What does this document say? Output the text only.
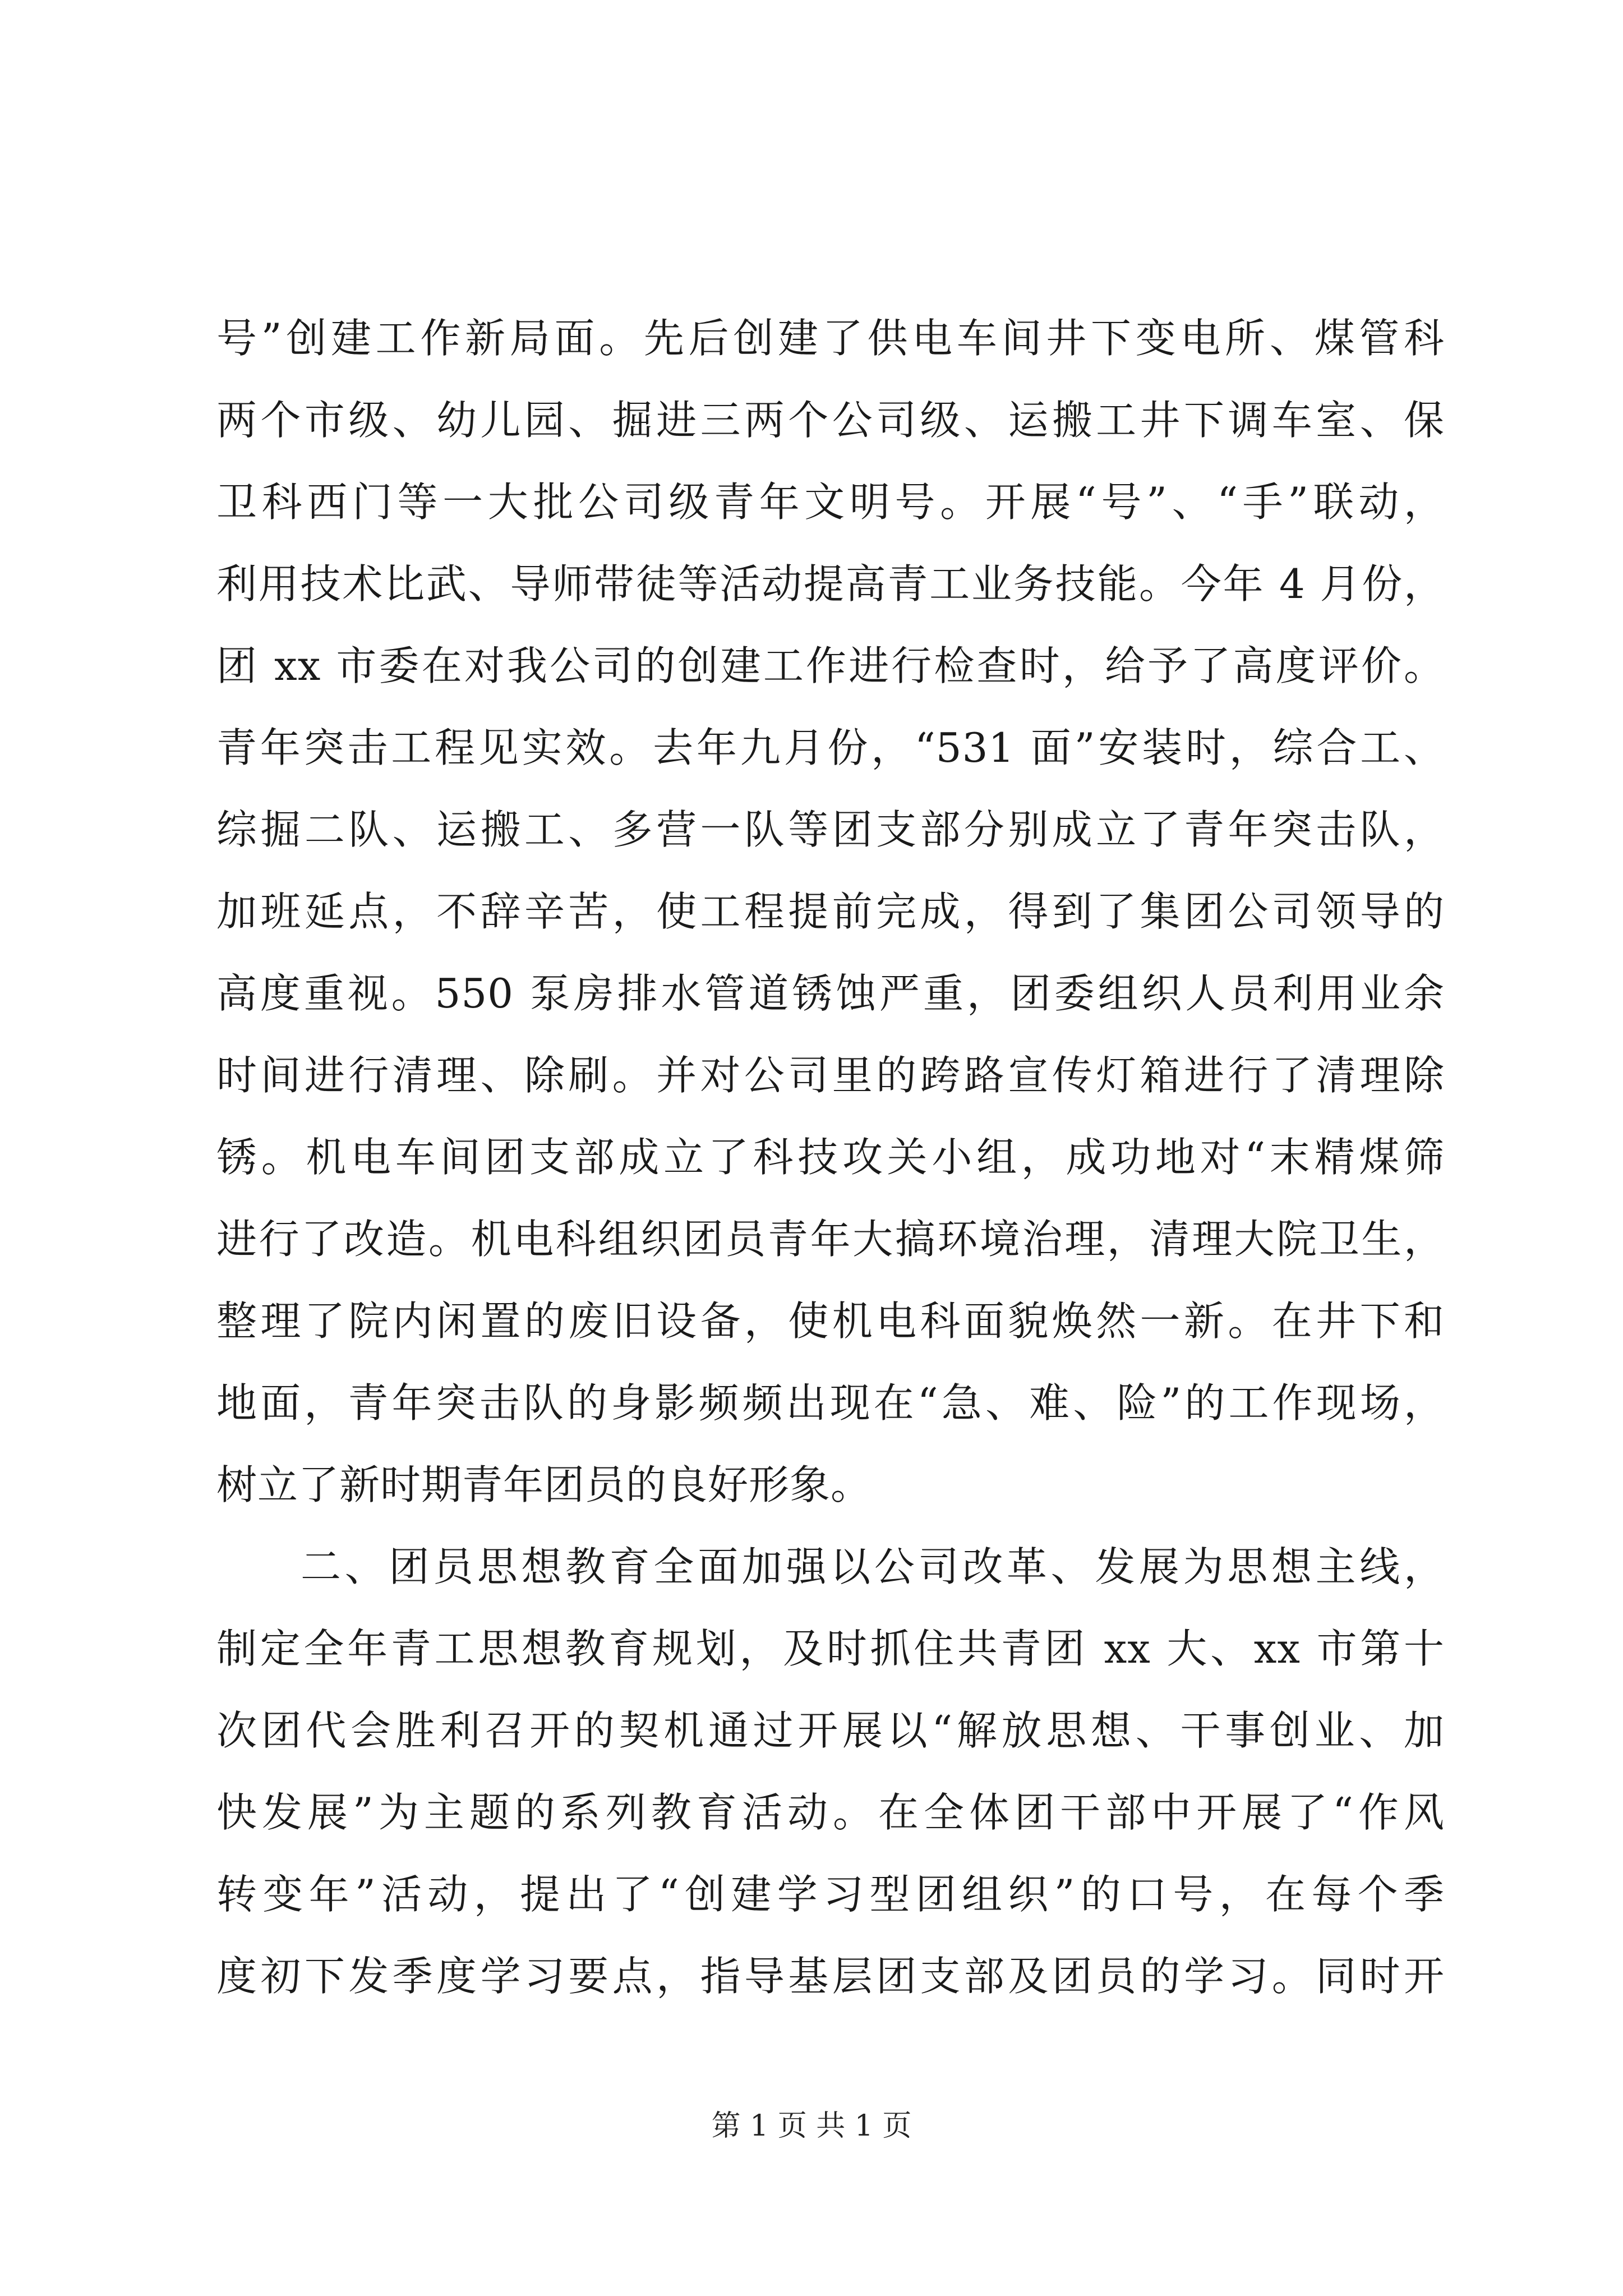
号”创建工作新局面。先后创建了供电车间井下变电所、煤管科
两个市级、幼儿园、掘进三两个公司级、运搬工井下调车室、保
卫科西门等一大批公司级青年文明号。开展“号”、“手”联动，
利用技术比武、导师带徒等活动提高青工业务技能。今年 4 月份，
团 xx 市委在对我公司的创建工作进行检查时，给予了高度评价。
青年突击工程见实效。去年九月份，“531 面”安装时，综合工、
综掘二队、运搬工、多营一队等团支部分别成立了青年突击队，
加班延点，不辞辛苦，使工程提前完成，得到了集团公司领导的
高度重视。550 泵房排水管道锈蚀严重，团委组织人员利用业余
时间进行清理、除刷。并对公司里的跨路宣传灯箱进行了清理除
锈。机电车间团支部成立了科技攻关小组，成功地对“末精煤筛
进行了改造。机电科组织团员青年大搞环境治理，清理大院卫生，
整理了院内闲置的废旧设备，使机电科面貌焕然一新。在井下和
地面，青年突击队的身影频频出现在“急、难、险”的工作现场，
树立了新时期青年团员的良好形象。
二、团员思想教育全面加强以公司改革、发展为思想主线，
制定全年青工思想教育规划，及时抓住共青团 xx 大、xx 市第十
次团代会胜利召开的契机通过开展以“解放思想、干事创业、加
快发展”为主题的系列教育活动。在全体团干部中开展了“作风
转变年”活动，提出了“创建学习型团组织”的口号，在每个季
度初下发季度学习要点，指导基层团支部及团员的学习。同时开
第 1 页 共 1 页
